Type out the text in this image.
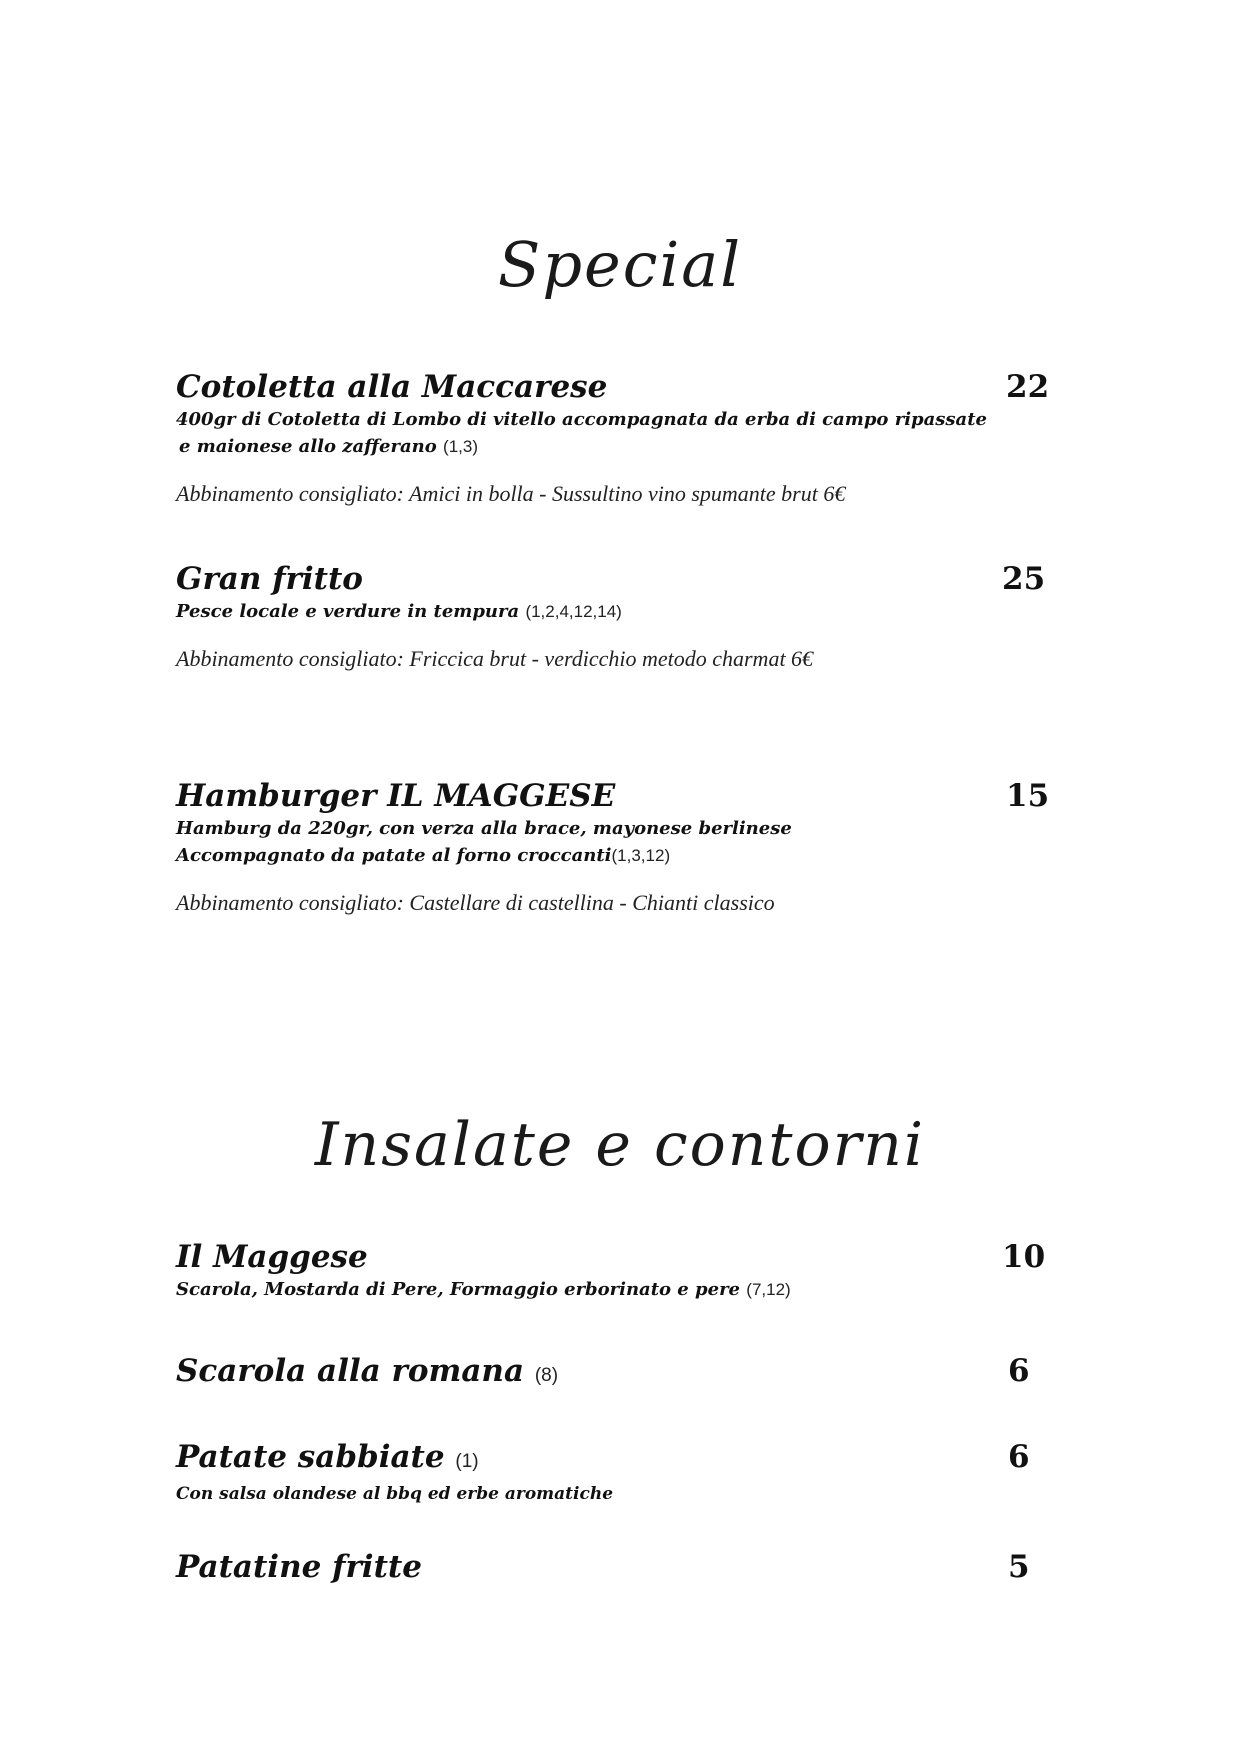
Special
Cotoletta alla Maccarese	22
400gr di Cotoletta di Lombo di vitello accompagnata da erba di campo ripassate
e maionese allo zafferano (1,3)
Abbinamento consigliato: Amici in bolla - Sussultino vino spumante brut 6€
Gran fritto	25
Pesce locale e verdure in tempura (1,2,4,12,14)
Abbinamento consigliato: Friccica brut - verdicchio metodo charmat 6€
Hamburger IL MAGGESE	15
Hamburg da 220gr, con verza alla brace, mayonese berlinese
Accompagnato da patate al forno croccanti(1,3,12)
Abbinamento consigliato: Castellare di castellina - Chianti classico
Insalate e contorni
Il Maggese	10
Scarola, Mostarda di Pere, Formaggio erborinato e pere (7,12)
Scarola alla romana (8)	6
Patate sabbiate (1)	6
Con salsa olandese al bbq ed erbe aromatiche
Patatine fritte	5
